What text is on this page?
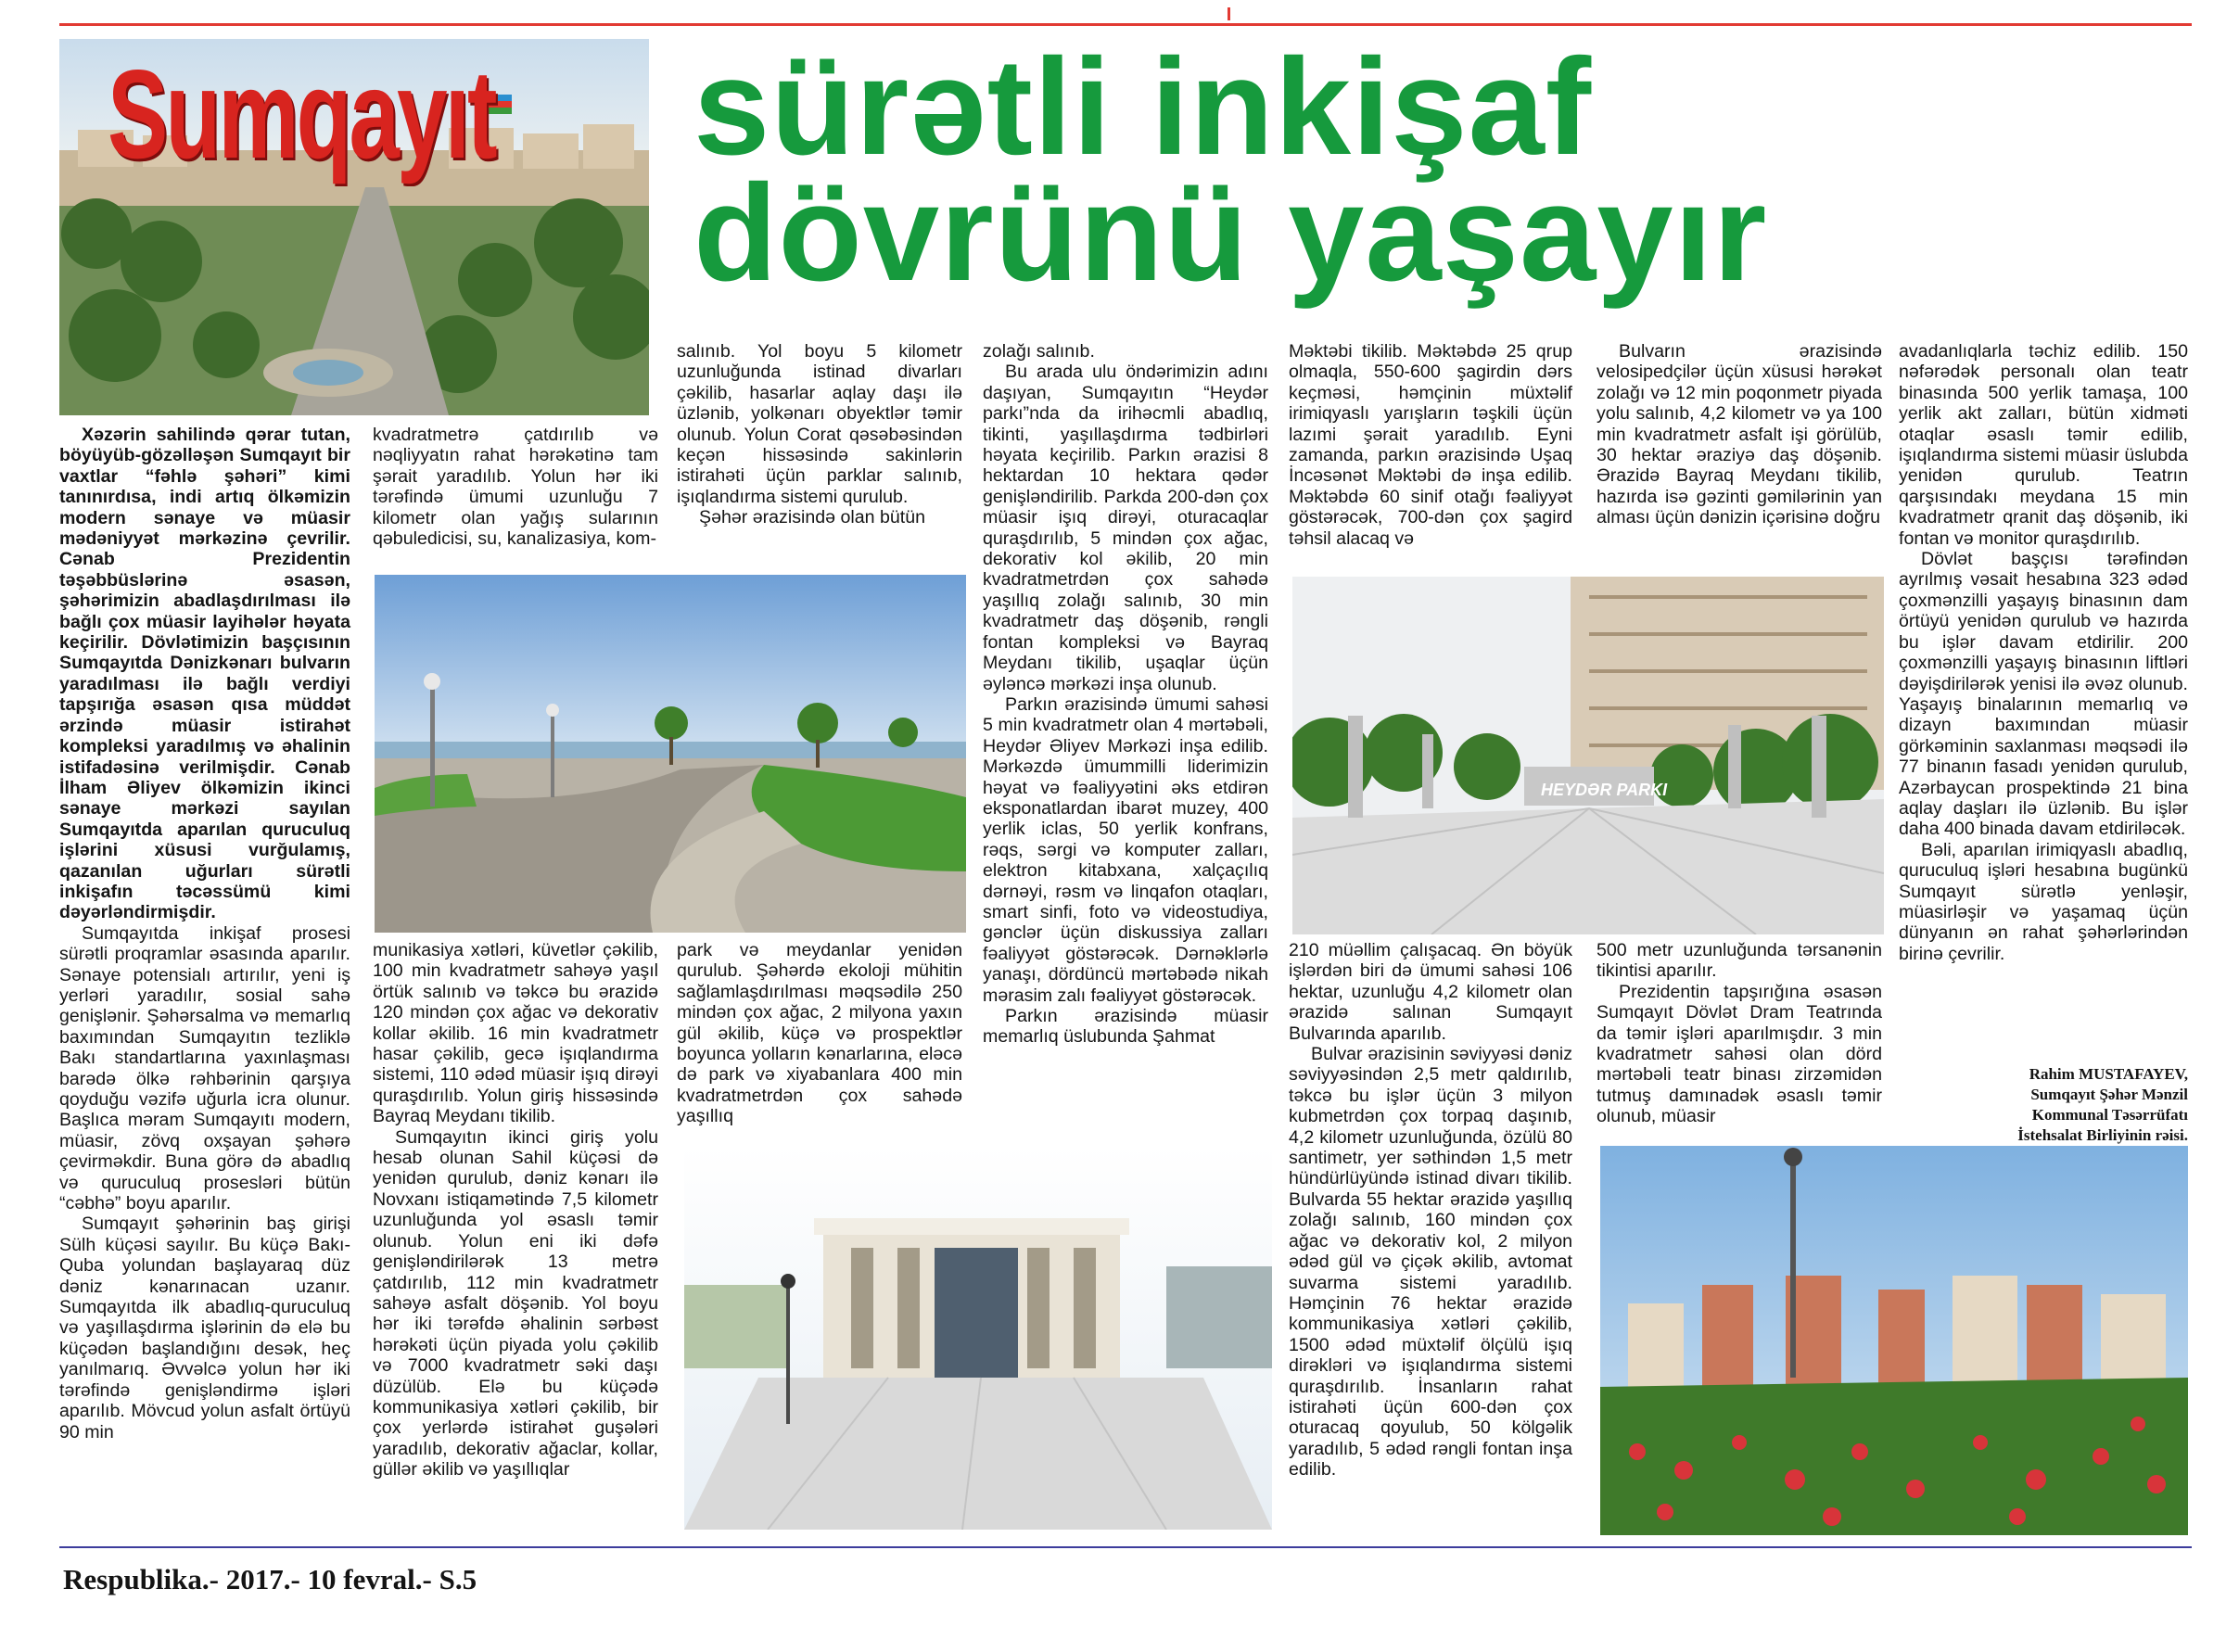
Sumqayıt sürətli inkişaf
dövrünü yaşayır

Xəzərin sahilində qərar tutan, böyüyüb-gözəlləşən Sumqayıt bir vaxtlar “fəhlə şəhəri” kimi tanınırdısa, indi artıq ölkəmizin modern sənaye və müasir mədəniyyət mərkəzinə çevrilir. Cənab Prezidentin təşəbbüslərinə əsasən, şəhərimizin abadlaşdırılması ilə bağlı çox müasir layihələr həyata keçirilir. Dövlətimizin başçısının Sumqayıtda Dənizkənarı bulvarın yaradılması ilə bağlı verdiyi tapşırığa əsasən qısa müddət ərzində müasir istirahət kompleksi yaradılmış və əhalinin istifadəsinə verilmişdir. Cənab İlham Əliyev ölkəmizin ikinci sənaye mərkəzi sayılan Sumqayıtda aparılan quruculuq işlərini xüsusi vurğulamış, qazanılan uğurları sürətli inkişafın təcəssümü kimi dəyərləndirmişdir.

Sumqayıtda inkişaf prosesi sürətli proqramlar əsasında aparılır. Sənaye potensialı artırılır, yeni iş yerləri yaradılır, sosial sahə genişlənir. Şəhərsalma və memarlıq baxımından Sumqayıtın tezliklə Bakı standartlarına yaxınlaşması barədə ölkə rəhbərinin qarşıya qoyduğu vəzifə uğurla icra olunur. Başlıca məram Sumqayıtı modern, müasir, zövq oxşayan şəhərə çevirməkdir. Buna görə də abadlıq və quruculuq prosesləri bütün “cəbhə” boyu aparılır.

Sumqayıt şəhərinin baş girişi Sülh küçəsi sayılır. Bu küçə Bakı-Quba yolundan başlayaraq düz dəniz kənarınacan uzanır. Sumqayıtda ilk abadlıq-quruculuq və yaşıllaşdırma işlərinin də elə bu küçədən başlandığını desək, heç yanılmarıq. Əvvəlcə yolun hər iki tərəfində genişləndirmə işləri aparılıb. Mövcud yolun asfalt örtüyü 90 min

kvadratmetrə çatdırılıb və nəqliyyatın rahat hərəkətinə tam şərait yaradılıb. Yolun hər iki tərəfində ümumi uzunluğu 7 kilometr olan yağış sularının qəbuledicisi, su, kanalizasiya, kom-

salınıb. Yol boyu 5 kilometr uzunluğunda istinad divarları çəkilib, hasarlar aqlay daşı ilə üzlənib, yolkənarı obyektlər təmir olunub. Yolun Corat qəsəbəsindən keçən hissəsində sakinlərin istirahəti üçün parklar salınıb, işıqlandırma sistemi qurulub.

Şəhər ərazisində olan bütün

zolağı salınıb.

Bu arada ulu öndərimizin adını daşıyan, Sumqayıtın “Heydər parkı”nda da irihəcmli abadlıq, tikinti, yaşıllaşdırma tədbirləri həyata keçirilib. Parkın ərazisi 8 hektardan 10 hektara qədər genişləndirilib. Parkda 200-dən çox müasir işıq dirəyi, oturacaqlar quraşdırılıb, 5 mindən çox ağac, dekorativ kol əkilib, 20 min kvadratmetrdən çox sahədə yaşıllıq zolağı salınıb, 30 min kvadratmetr daş döşənib, rəngli fontan kompleksi və Bayraq Meydanı tikilib, uşaqlar üçün əyləncə mərkəzi inşa olunub.

Parkın ərazisində ümumi sahəsi 5 min kvadratmetr olan 4 mərtəbəli, Heydər Əliyev Mərkəzi inşa edilib. Mərkəzdə ümummilli liderimizin həyat və fəaliyyətini əks etdirən eksponatlardan ibarət muzey, 400 yerlik iclas, 50 yerlik konfrans, rəqs, sərgi və komputer zalları, elektron kitabxana, xalçaçılıq dərnəyi, rəsm və linqafon otaqları, smart sinfi, foto və videostudiya, gənclər üçün diskussiya zalları fəaliyyət göstərəcək. Dərnəklərlə yanaşı, dördüncü mərtəbədə nikah mərasim zalı fəaliyyət göstərəcək.

Parkın ərazisində müasir memarlıq üslubunda Şahmat

Məktəbi tikilib. Məktəbdə 25 qrup olmaqla, 550-600 şagirdin dərs keçməsi, həmçinin müxtəlif irimiqyaslı yarışların təşkili üçün lazımi şərait yaradılıb. Eyni zamanda, parkın ərazisində Uşaq İncəsənət Məktəbi də inşa edilib. Məktəbdə 60 sinif otağı fəaliyyət göstərəcək, 700-dən çox şagird təhsil alacaq və

Bulvarın ərazisində velosipedçilər üçün xüsusi hərəkət zolağı və 12 min poqonmetr piyada yolu salınıb, 4,2 kilometr və ya 100 min kvadratmetr asfalt işi görülüb, 30 hektar əraziyə daş döşənib. Ərazidə Bayraq Meydanı tikilib, hazırda isə gəzinti gəmilərinin yan alması üçün dənizin içərisinə doğru

avadanlıqlarla təchiz edilib. 150 nəfərədək personalı olan teatr binasında 500 yerlik tamaşa, 100 yerlik akt zalları, bütün xidməti otaqlar əsaslı təmir edilib, işıqlandırma sistemi müasir üslubda yenidən qurulub. Teatrın qarşısındakı meydana 15 min kvadratmetr qranit daş döşənib, iki fontan və monitor quraşdırılıb.

Dövlət başçısı tərəfindən ayrılmış vəsait hesabına 323 ədəd çoxmənzilli yaşayış binasının dam örtüyü yenidən qurulub və hazırda bu işlər davam etdirilir. 200 çoxmənzilli yaşayış binasının liftləri dəyişdirilərək yenisi ilə əvəz olunub. Yaşayış binalarının memarlıq və dizayn baxımından müasir görkəminin saxlanması məqsədi ilə 77 binanın fasadı yenidən qurulub, Azərbaycan prospektində 21 bina aqlay daşları ilə üzlənib. Bu işlər daha 400 binada davam etdiriləcək.

Bəli, aparılan irimiqyaslı abadlıq, quruculuq işləri hesabına bugünkü Sumqayıt sürətlə yenləşir, müasirləşir və yaşamaq üçün dünyanın ən rahat şəhərlərindən birinə çevrilir.

HEYDƏR PARKI

munikasiya xətləri, küvetlər çəkilib, 100 min kvadratmetr sahəyə yaşıl örtük salınıb və təkcə bu ərazidə 120 mindən çox ağac və dekorativ kollar əkilib. 16 min kvadratmetr hasar çəkilib, gecə işıqlandırma sistemi, 110 ədəd müasir işıq dirəyi quraşdırılıb. Yolun giriş hissəsində Bayraq Meydanı tikilib.

Sumqayıtın ikinci giriş yolu hesab olunan Sahil küçəsi də yenidən qurulub, dəniz kənarı ilə Novxanı istiqamətində 7,5 kilometr uzunluğunda yol əsaslı təmir olunub. Yolun eni iki dəfə genişləndirilərək 13 metrə çatdırılıb, 112 min kvadratmetr sahəyə asfalt döşənib. Yol boyu hər iki tərəfdə əhalinin sərbəst hərəkəti üçün piyada yolu çəkilib və 7000 kvadratmetr səki daşı düzülüb. Elə bu küçədə kommunikasiya xətləri çəkilib, bir çox yerlərdə istirahət guşələri yaradılıb, dekorativ ağaclar, kollar, güllər əkilib və yaşıllıqlar

park və meydanlar yenidən qurulub. Şəhərdə ekoloji mühitin sağlamlaşdırılması məqsədilə 250 mindən çox ağac, 2 milyona yaxın gül əkilib, küçə və prospektlər boyunca yolların kənarlarına, eləcə də park və xiyabanlara 400 min kvadratmetrdən çox sahədə yaşıllıq

210 müəllim çalışacaq. Ən böyük işlərdən biri də ümumi sahəsi 106 hektar, uzunluğu 4,2 kilometr olan ərazidə salınan Sumqayıt Bulvarında aparılıb.

Bulvar ərazisinin səviyyəsi dəniz səviyyəsindən 2,5 metr qaldırılıb, təkcə bu işlər üçün 3 milyon kubmetrdən çox torpaq daşınıb, 4,2 kilometr uzunluğunda, özülü 80 santimetr, yer səthindən 1,5 metr hündürlüyündə istinad divarı tikilib. Bulvarda 55 hektar ərazidə yaşıllıq zolağı salınıb, 160 mindən çox ağac və dekorativ kol, 2 milyon ədəd gül və çiçək əkilib, avtomat suvarma sistemi yaradılıb. Həmçinin 76 hektar ərazidə kommunikasiya xətləri çəkilib, 1500 ədəd müxtəlif ölçülü işıq dirəkləri və işıqlandırma sistemi quraşdırılıb. İnsanların rahat istirahəti üçün 600-dən çox oturacaq qoyulub, 50 kölgəlik yaradılıb, 5 ədəd rəngli fontan inşa edilib.

500 metr uzunluğunda tərsanənin tikintisi aparılır.

Prezidentin tapşırığına əsasən Sumqayıt Dövlət Dram Teatrında da təmir işləri aparılmışdır. 3 min kvadratmetr sahəsi olan dörd mərtəbəli teatr binası zirzəmidən tutmuş damınadək əsaslı təmir olunub, müasir

Rahim MUSTAFAYEV,
Sumqayıt Şəhər Mənzil
Kommunal Təsərrüfatı
İstehsalat Birliyinin rəisi.
Respublika.- 2017.- 10 fevral.- S.5
